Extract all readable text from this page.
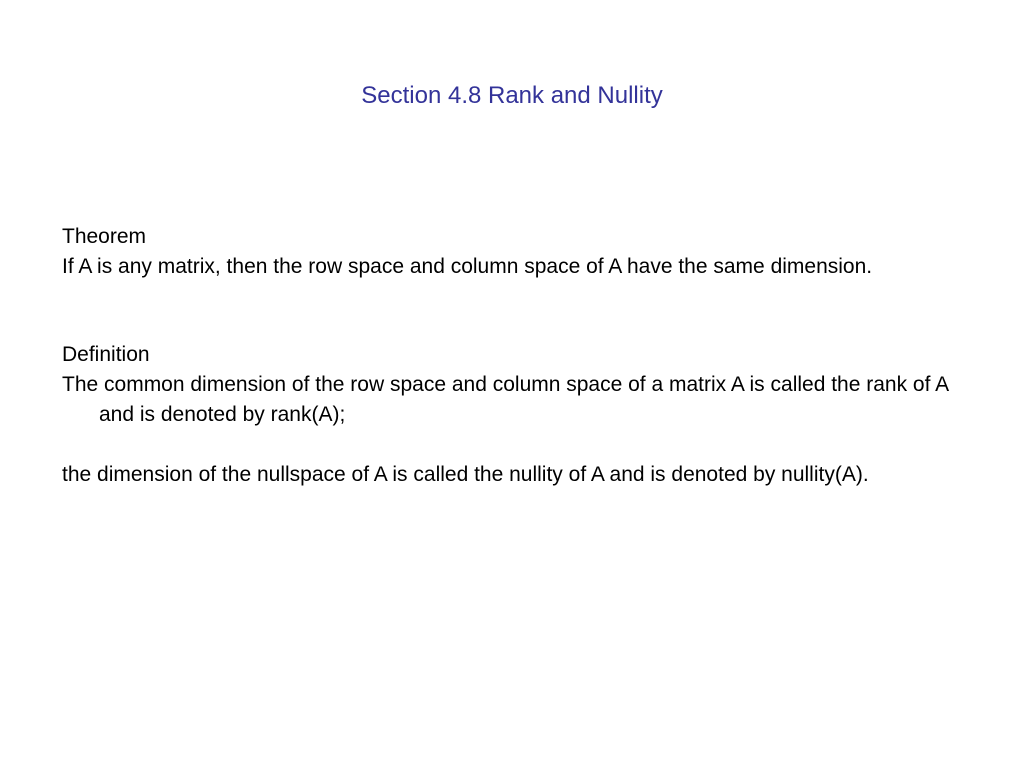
Section 4.8 Rank and Nullity

Theorem

If A is any matrix, then the row space and column space of A have the same dimension.

Definition

The common dimension of the row space and column space of a matrix A is called the rank of A and is denoted by rank(A);

the dimension of the nullspace of A is called the nullity of A and is denoted by nullity(A).
